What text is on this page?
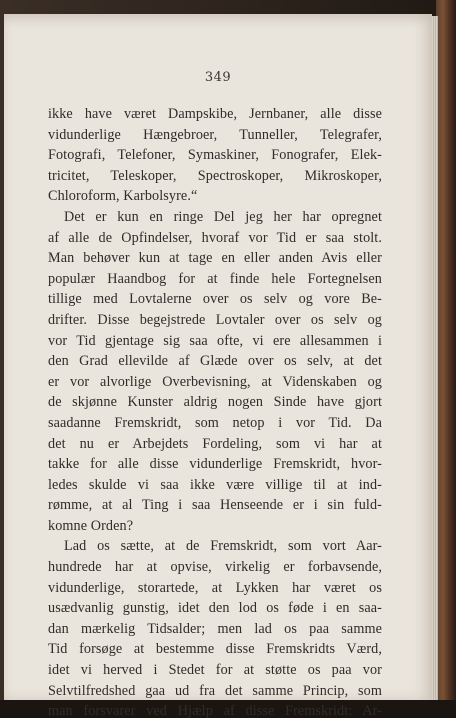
349
ikke have været Dampskibe, Jernbaner, alle disse
vidunderlige Hængebroer, Tunneller, Telegrafer,
Fotografi, Telefoner, Symaskiner, Fonografer, Elek-
tricitet, Teleskoper, Spectroskoper, Mikroskoper,
Chloroform, Karbolsyre.“
Det er kun en ringe Del jeg her har opregnet
af alle de Opfindelser, hvoraf vor Tid er saa stolt.
Man behøver kun at tage en eller anden Avis eller
populær Haandbog for at finde hele Fortegnelsen
tillige med Lovtalerne over os selv og vore Be-
drifter. Disse begejstrede Lovtaler over os selv og
vor Tid gjentage sig saa ofte, vi ere allesammen i
den Grad ellevilde af Glæde over os selv, at det
er vor alvorlige Overbevisning, at Videnskaben og
de skjønne Kunster aldrig nogen Sinde have gjort
saadanne Fremskridt, som netop i vor Tid. Da
det nu er Arbejdets Fordeling, som vi har at
takke for alle disse vidunderlige Fremskridt, hvor-
ledes skulde vi saa ikke være villige til at ind-
rømme, at al Ting i saa Henseende er i sin fuld-
komne Orden?
Lad os sætte, at de Fremskridt, som vort Aar-
hundrede har at opvise, virkelig er forbavsende,
vidunderlige, storartede, at Lykken har været os
usædvanlig gunstig, idet den lod os føde i en saa-
dan mærkelig Tidsalder; men lad os paa samme
Tid forsøge at bestemme disse Fremskridts Værd,
idet vi herved i Stedet for at støtte os paa vor
Selvtilfredshed gaa ud fra det samme Princip, som
man forsvarer ved Hjælp af disse Fremskridt: Ar-
